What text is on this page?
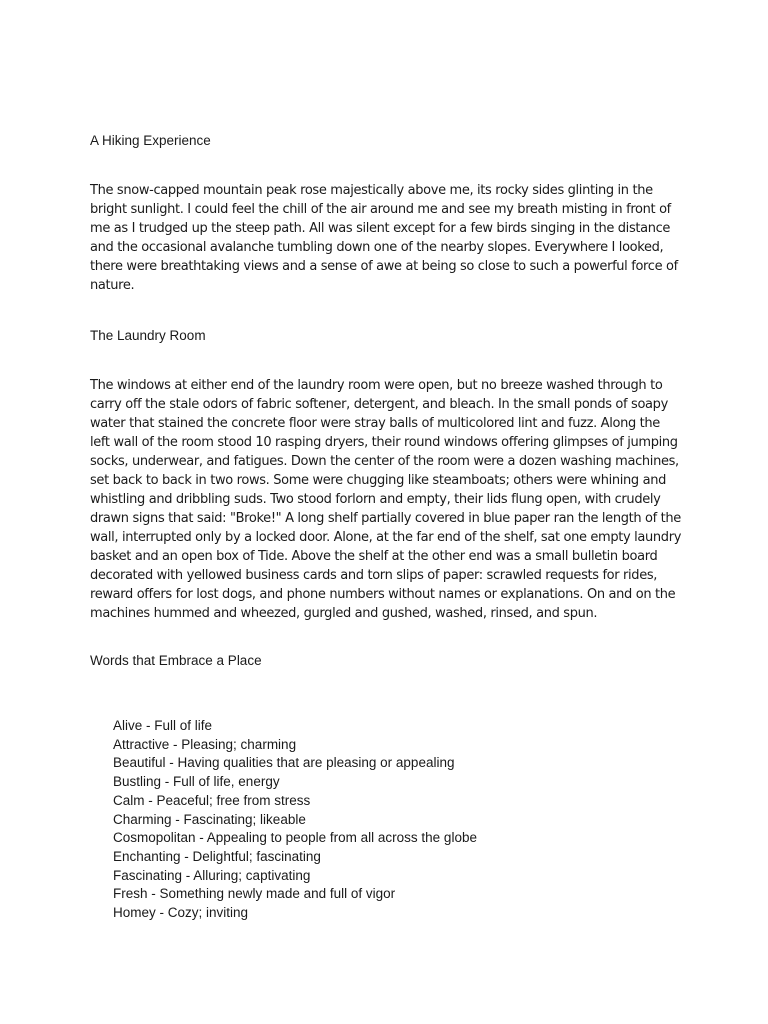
A Hiking Experience
The snow-capped mountain peak rose majestically above me, its rocky sides glinting in the
bright sunlight. I could feel the chill of the air around me and see my breath misting in front of
me as I trudged up the steep path. All was silent except for a few birds singing in the distance
and the occasional avalanche tumbling down one of the nearby slopes. Everywhere I looked,
there were breathtaking views and a sense of awe at being so close to such a powerful force of
nature.
The Laundry Room
The windows at either end of the laundry room were open, but no breeze washed through to
carry off the stale odors of fabric softener, detergent, and bleach. In the small ponds of soapy
water that stained the concrete floor were stray balls of multicolored lint and fuzz. Along the
left wall of the room stood 10 rasping dryers, their round windows offering glimpses of jumping
socks, underwear, and fatigues. Down the center of the room were a dozen washing machines,
set back to back in two rows. Some were chugging like steamboats; others were whining and
whistling and dribbling suds. Two stood forlorn and empty, their lids flung open, with crudely
drawn signs that said: "Broke!" A long shelf partially covered in blue paper ran the length of the
wall, interrupted only by a locked door. Alone, at the far end of the shelf, sat one empty laundry
basket and an open box of Tide. Above the shelf at the other end was a small bulletin board
decorated with yellowed business cards and torn slips of paper: scrawled requests for rides,
reward offers for lost dogs, and phone numbers without names or explanations. On and on the
machines hummed and wheezed, gurgled and gushed, washed, rinsed, and spun.
Words that Embrace a Place
Alive - Full of life
Attractive - Pleasing; charming
Beautiful - Having qualities that are pleasing or appealing
Bustling - Full of life, energy
Calm - Peaceful; free from stress
Charming - Fascinating; likeable
Cosmopolitan - Appealing to people from all across the globe
Enchanting - Delightful; fascinating
Fascinating - Alluring; captivating
Fresh - Something newly made and full of vigor
Homey - Cozy; inviting
